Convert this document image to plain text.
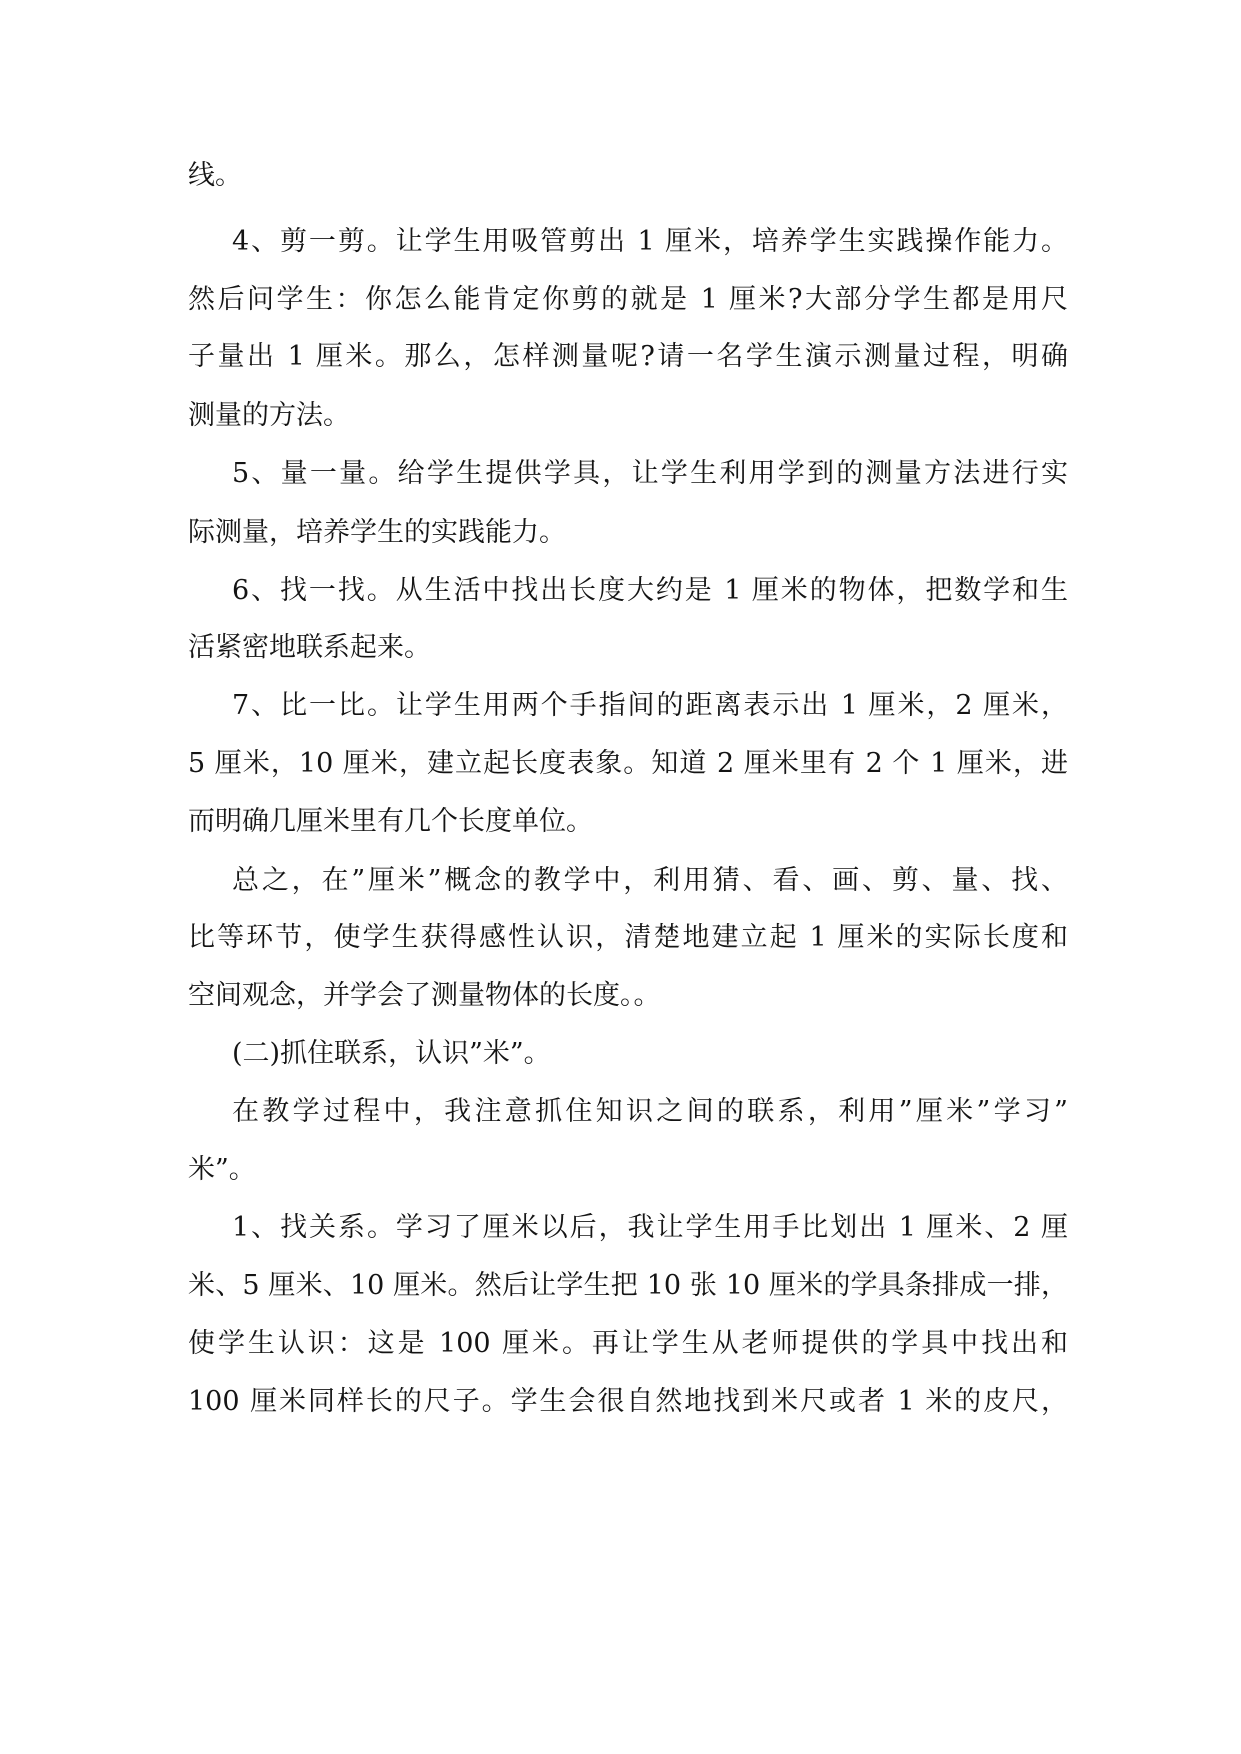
线。
4、剪一剪。让学生用吸管剪出 1 厘米，培养学生实践操作能力。
然后问学生：你怎么能肯定你剪的就是 1 厘米?大部分学生都是用尺
子量出 1 厘米。那么，怎样测量呢?请一名学生演示测量过程，明确
测量的方法。
5、量一量。给学生提供学具，让学生利用学到的测量方法进行实
际测量，培养学生的实践能力。
6、找一找。从生活中找出长度大约是 1 厘米的物体，把数学和生
活紧密地联系起来。
7、比一比。让学生用两个手指间的距离表示出 1 厘米，2 厘米，
5 厘米，10 厘米，建立起长度表象。知道 2 厘米里有 2 个 1 厘米，进
而明确几厘米里有几个长度单位。
总之，在”厘米”概念的教学中，利用猜、看、画、剪、量、找、
比等环节，使学生获得感性认识，清楚地建立起 1 厘米的实际长度和
空间观念，并学会了测量物体的长度。。
(二)抓住联系，认识”米”。
在教学过程中，我注意抓住知识之间的联系，利用”厘米”学习”
米”。
1、找关系。学习了厘米以后，我让学生用手比划出 1 厘米、2 厘
米、5 厘米、10 厘米。然后让学生把 10 张 10 厘米的学具条排成一排，
使学生认识：这是 100 厘米。再让学生从老师提供的学具中找出和
100 厘米同样长的尺子。学生会很自然地找到米尺或者 1 米的皮尺，
